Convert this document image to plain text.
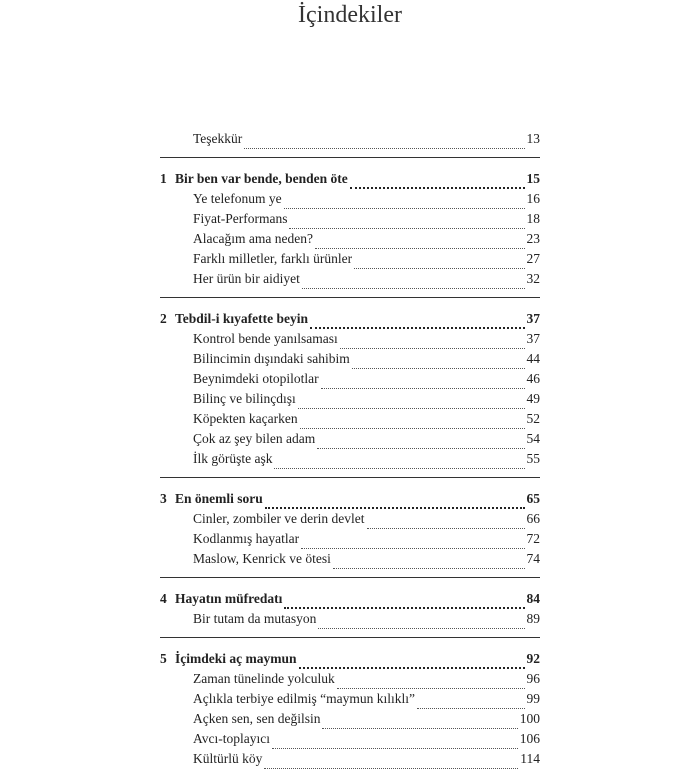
İçindekiler
Teşekkür	13
1 Bir ben var bende, benden öte	15
Ye telefonum ye	16
Fiyat-Performans	18
Alacağım ama neden?	23
Farklı milletler, farklı ürünler	27
Her ürün bir aidiyet	32
2 Tebdil-i kıyafette beyin	37
Kontrol bende yanılsaması	37
Bilincimin dışındaki sahibim	44
Beynimdeki otopilotlar	46
Bilinç ve bilinçdışı	49
Köpekten kaçarken	52
Çok az şey bilen adam	54
İlk görüşte aşk	55
3 En önemli soru	65
Cinler, zombiler ve derin devlet	66
Kodlanmış hayatlar	72
Maslow, Kenrick ve ötesi	74
4 Hayatın müfredatı	84
Bir tutam da mutasyon	89
5 İçimdeki aç maymun	92
Zaman tünelinde yolculuk	96
Açlıkla terbiye edilmiş “maymun kılıklı”	99
Açken sen, sen değilsin	100
Avcı-toplayıcı	106
Kültürlü köy	114
